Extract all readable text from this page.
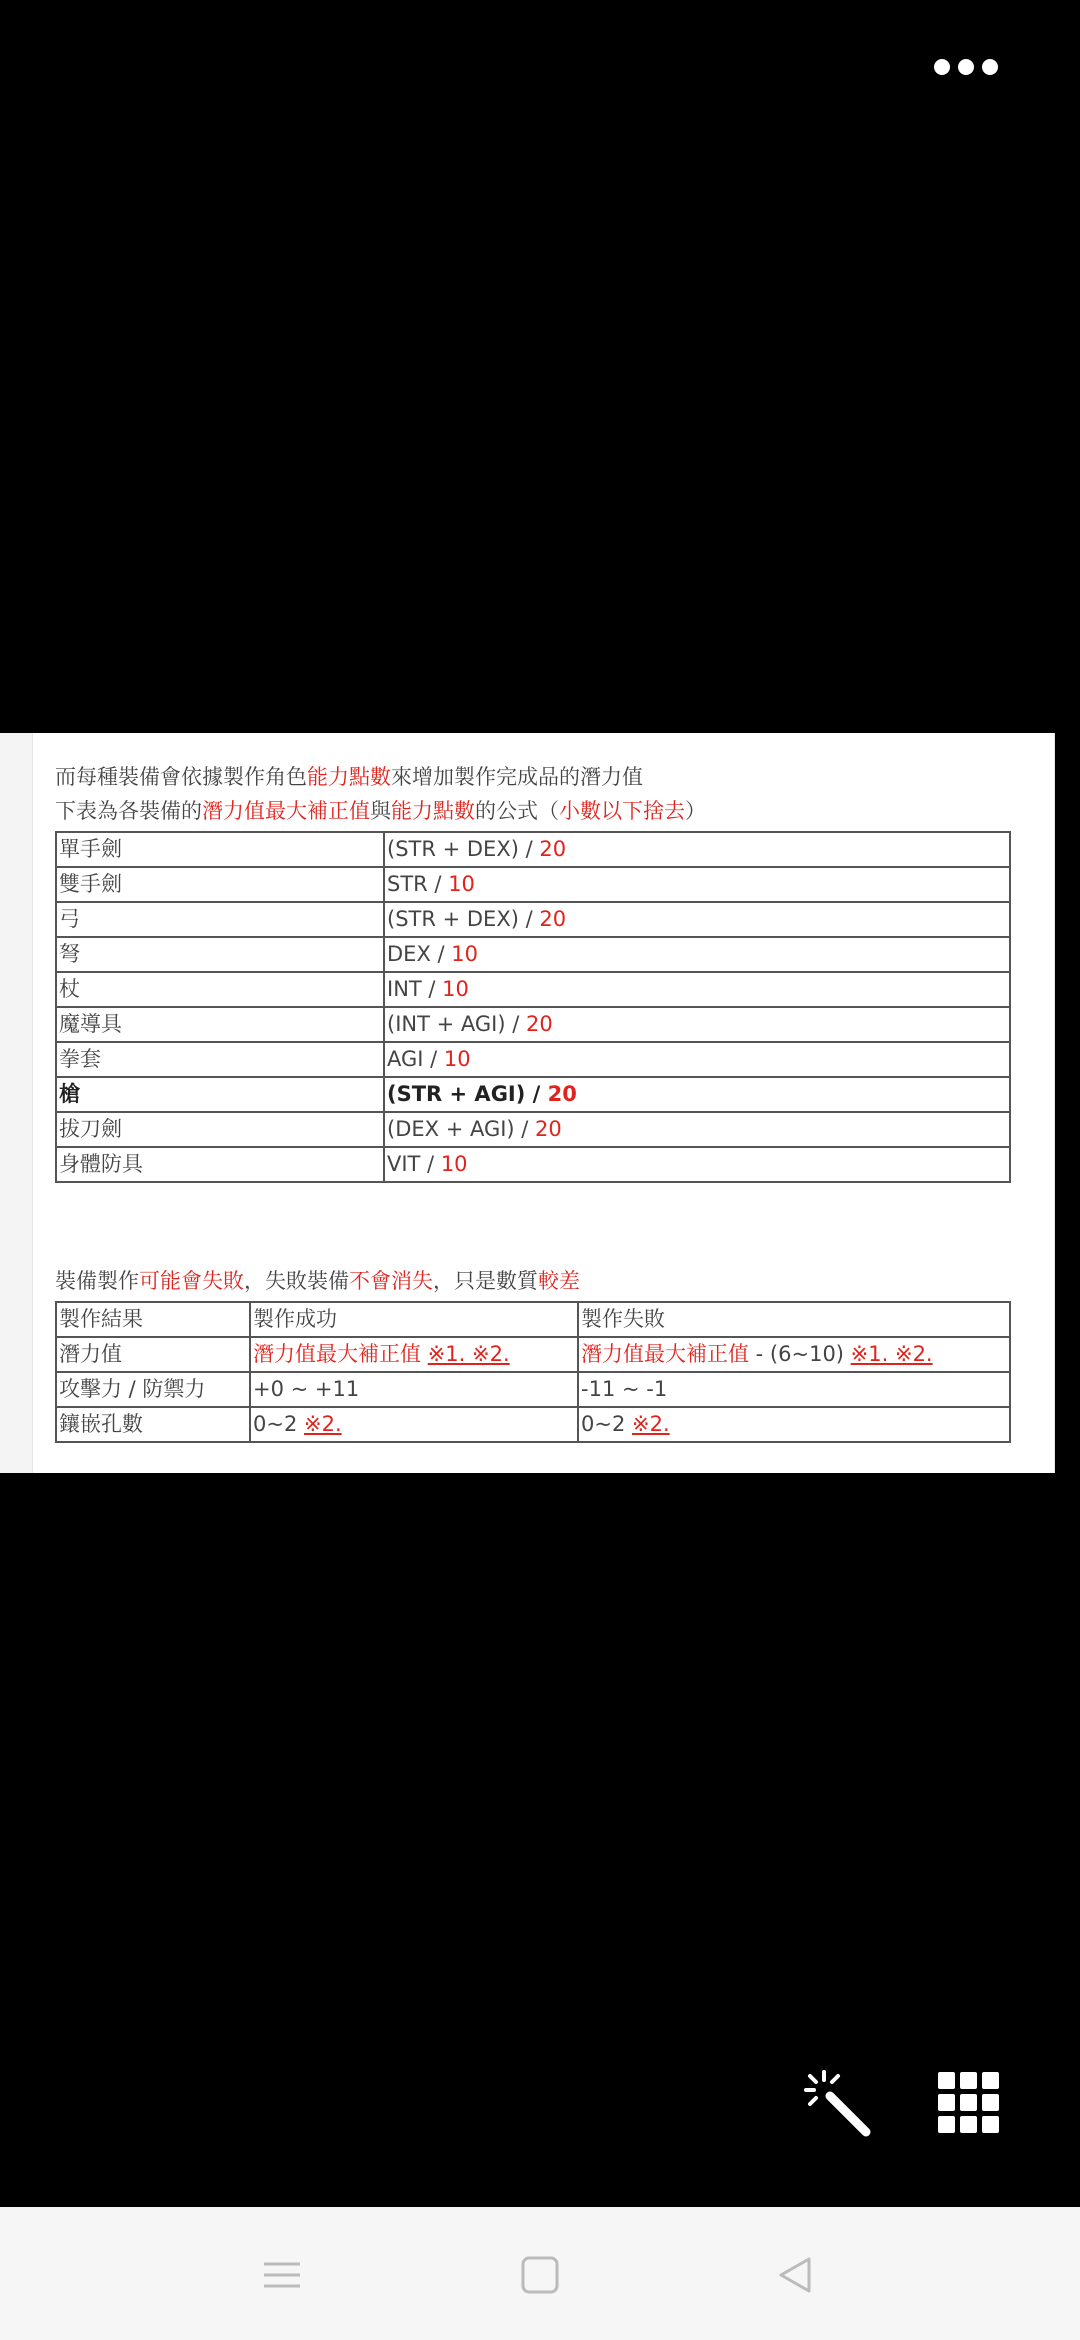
而每種裝備會依據製作角色能力點數來增加製作完成品的潛力值
下表為各裝備的潛力值最大補正值與能力點數的公式（小數以下捨去）
單手劍	(STR + DEX) / 20
雙手劍	STR / 10
弓	(STR + DEX) / 20
弩	DEX / 10
杖	INT / 10
魔導具	(INT + AGI) / 20
拳套	AGI / 10
槍	(STR + AGI) / 20
拔刀劍	(DEX + AGI) / 20
身體防具	VIT / 10
裝備製作可能會失敗，失敗裝備不會消失，只是數質較差
製作結果	製作成功	製作失敗
潛力值	潛力值最大補正值 ※1. ※2.	潛力值最大補正值 - (6~10) ※1. ※2.
攻擊力 / 防禦力	+0 ~ +11	-11 ~ -1
鑲嵌孔數	0~2 ※2.	0~2 ※2.
